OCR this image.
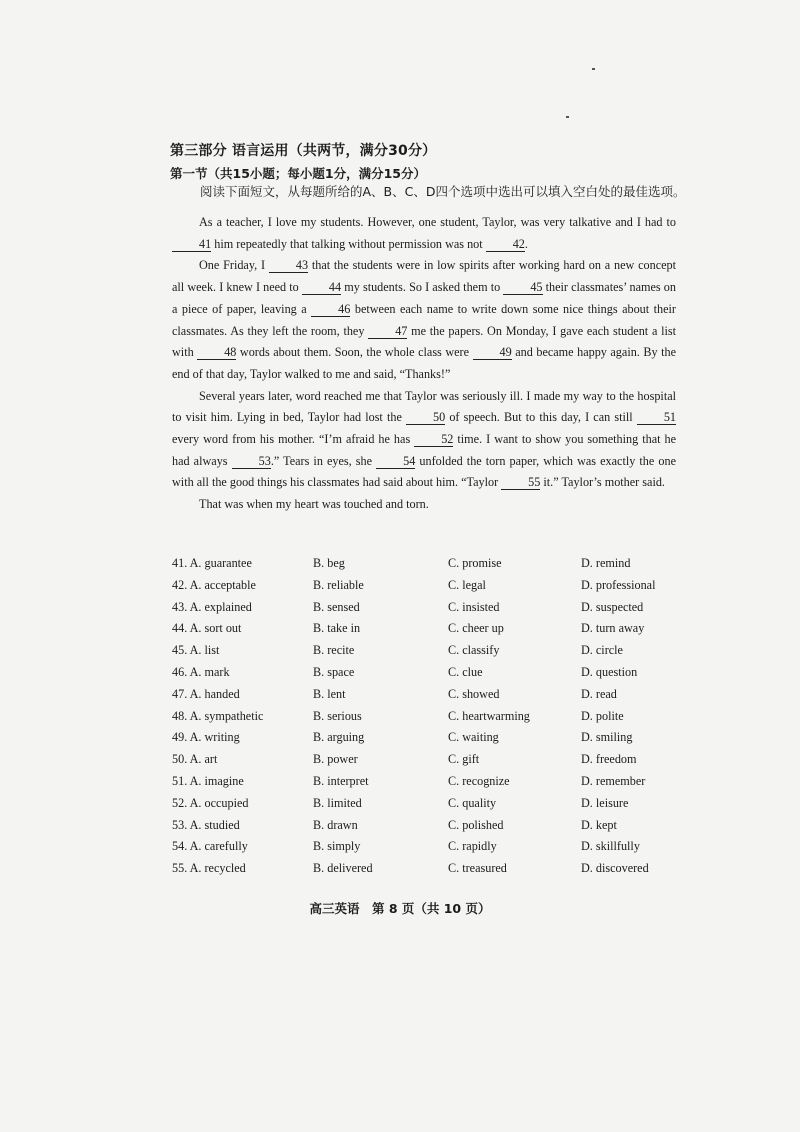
第三部分 语言运用（共两节，满分30分）
第一节（共15小题；每小题1分，满分15分）
阅读下面短文，从每题所给的A、B、C、D四个选项中选出可以填入空白处的最佳选项。

As a teacher, I love my students. However, one student, Taylor, was very talkative and I had to 41 him repeatedly that talking without permission was not 42.

One Friday, I 43 that the students were in low spirits after working hard on a new concept all week. I knew I need to 44 my students. So I asked them to 45 their classmates’ names on a piece of paper, leaving a 46 between each name to write down some nice things about their classmates. As they left the room, they 47 me the papers. On Monday, I gave each student a list with 48 words about them. Soon, the whole class were 49 and became happy again. By the end of that day, Taylor walked to me and said, “Thanks!”

Several years later, word reached me that Taylor was seriously ill. I made my way to the hospital to visit him. Lying in bed, Taylor had lost the 50 of speech. But to this day, I can still 51 every word from his mother. “I’m afraid he has 52 time. I want to show you something that he had always 53.” Tears in eyes, she 54 unfolded the torn paper, which was exactly the one with all the good things his classmates had said about him. “Taylor 55 it.” Taylor’s mother said.

That was when my heart was touched and torn.

41. A. guarantee	B. beg	C. promise	D. remind
42. A. acceptable	B. reliable	C. legal	D. professional
43. A. explained	B. sensed	C. insisted	D. suspected
44. A. sort out	B. take in	C. cheer up	D. turn away
45. A. list	B. recite	C. classify	D. circle
46. A. mark	B. space	C. clue	D. question
47. A. handed	B. lent	C. showed	D. read
48. A. sympathetic	B. serious	C. heartwarming	D. polite
49. A. writing	B. arguing	C. waiting	D. smiling
50. A. art	B. power	C. gift	D. freedom
51. A. imagine	B. interpret	C. recognize	D. remember
52. A. occupied	B. limited	C. quality	D. leisure
53. A. studied	B. drawn	C. polished	D. kept
54. A. carefully	B. simply	C. rapidly	D. skillfully
55. A. recycled	B. delivered	C. treasured	D. discovered
高三英语　第 8 页（共 10 页）
